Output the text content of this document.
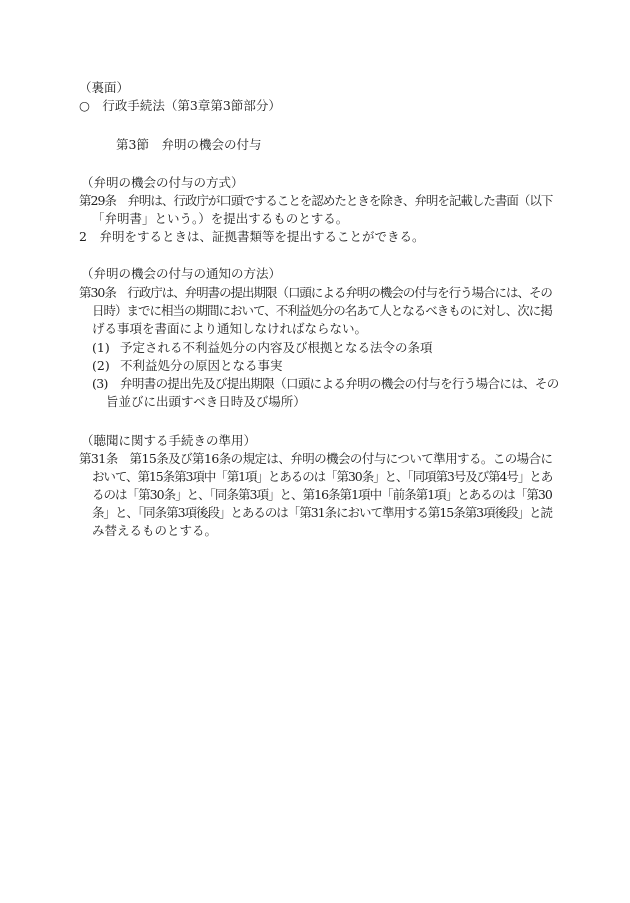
（裏面）
○　行政手続法（第3章第3節部分）
第3節　弁明の機会の付与
（弁明の機会の付与の方式）
第29条　弁明は、行政庁が口頭ですることを認めたときを除き、弁明を記載した書面（以下
「弁明書」という。）を提出するものとする。
2　弁明をするときは、証拠書類等を提出することができる。
（弁明の機会の付与の通知の方法）
第30条　行政庁は、弁明書の提出期限（口頭による弁明の機会の付与を行う場合には、その
日時）までに相当の期間において、不利益処分の名あて人となるべきものに対し、次に掲
げる事項を書面により通知しなければならない。
(1) 予定される不利益処分の内容及び根拠となる法令の条項
(2) 不利益処分の原因となる事実
(3) 弁明書の提出先及び提出期限（口頭による弁明の機会の付与を行う場合には、その
旨並びに出頭すべき日時及び場所）
（聴聞に関する手続きの準用）
第31条　第15条及び第16条の規定は、弁明の機会の付与について準用する。この場合に
おいて、第15条第3項中「第1項」とあるのは「第30条」と、「同項第3号及び第4号」とあ
るのは「第30条」と、「同条第3項」と、第16条第1項中「前条第1項」とあるのは「第30
条」と、「同条第3項後段」とあるのは「第31条において準用する第15条第3項後段」と読
み替えるものとする。
